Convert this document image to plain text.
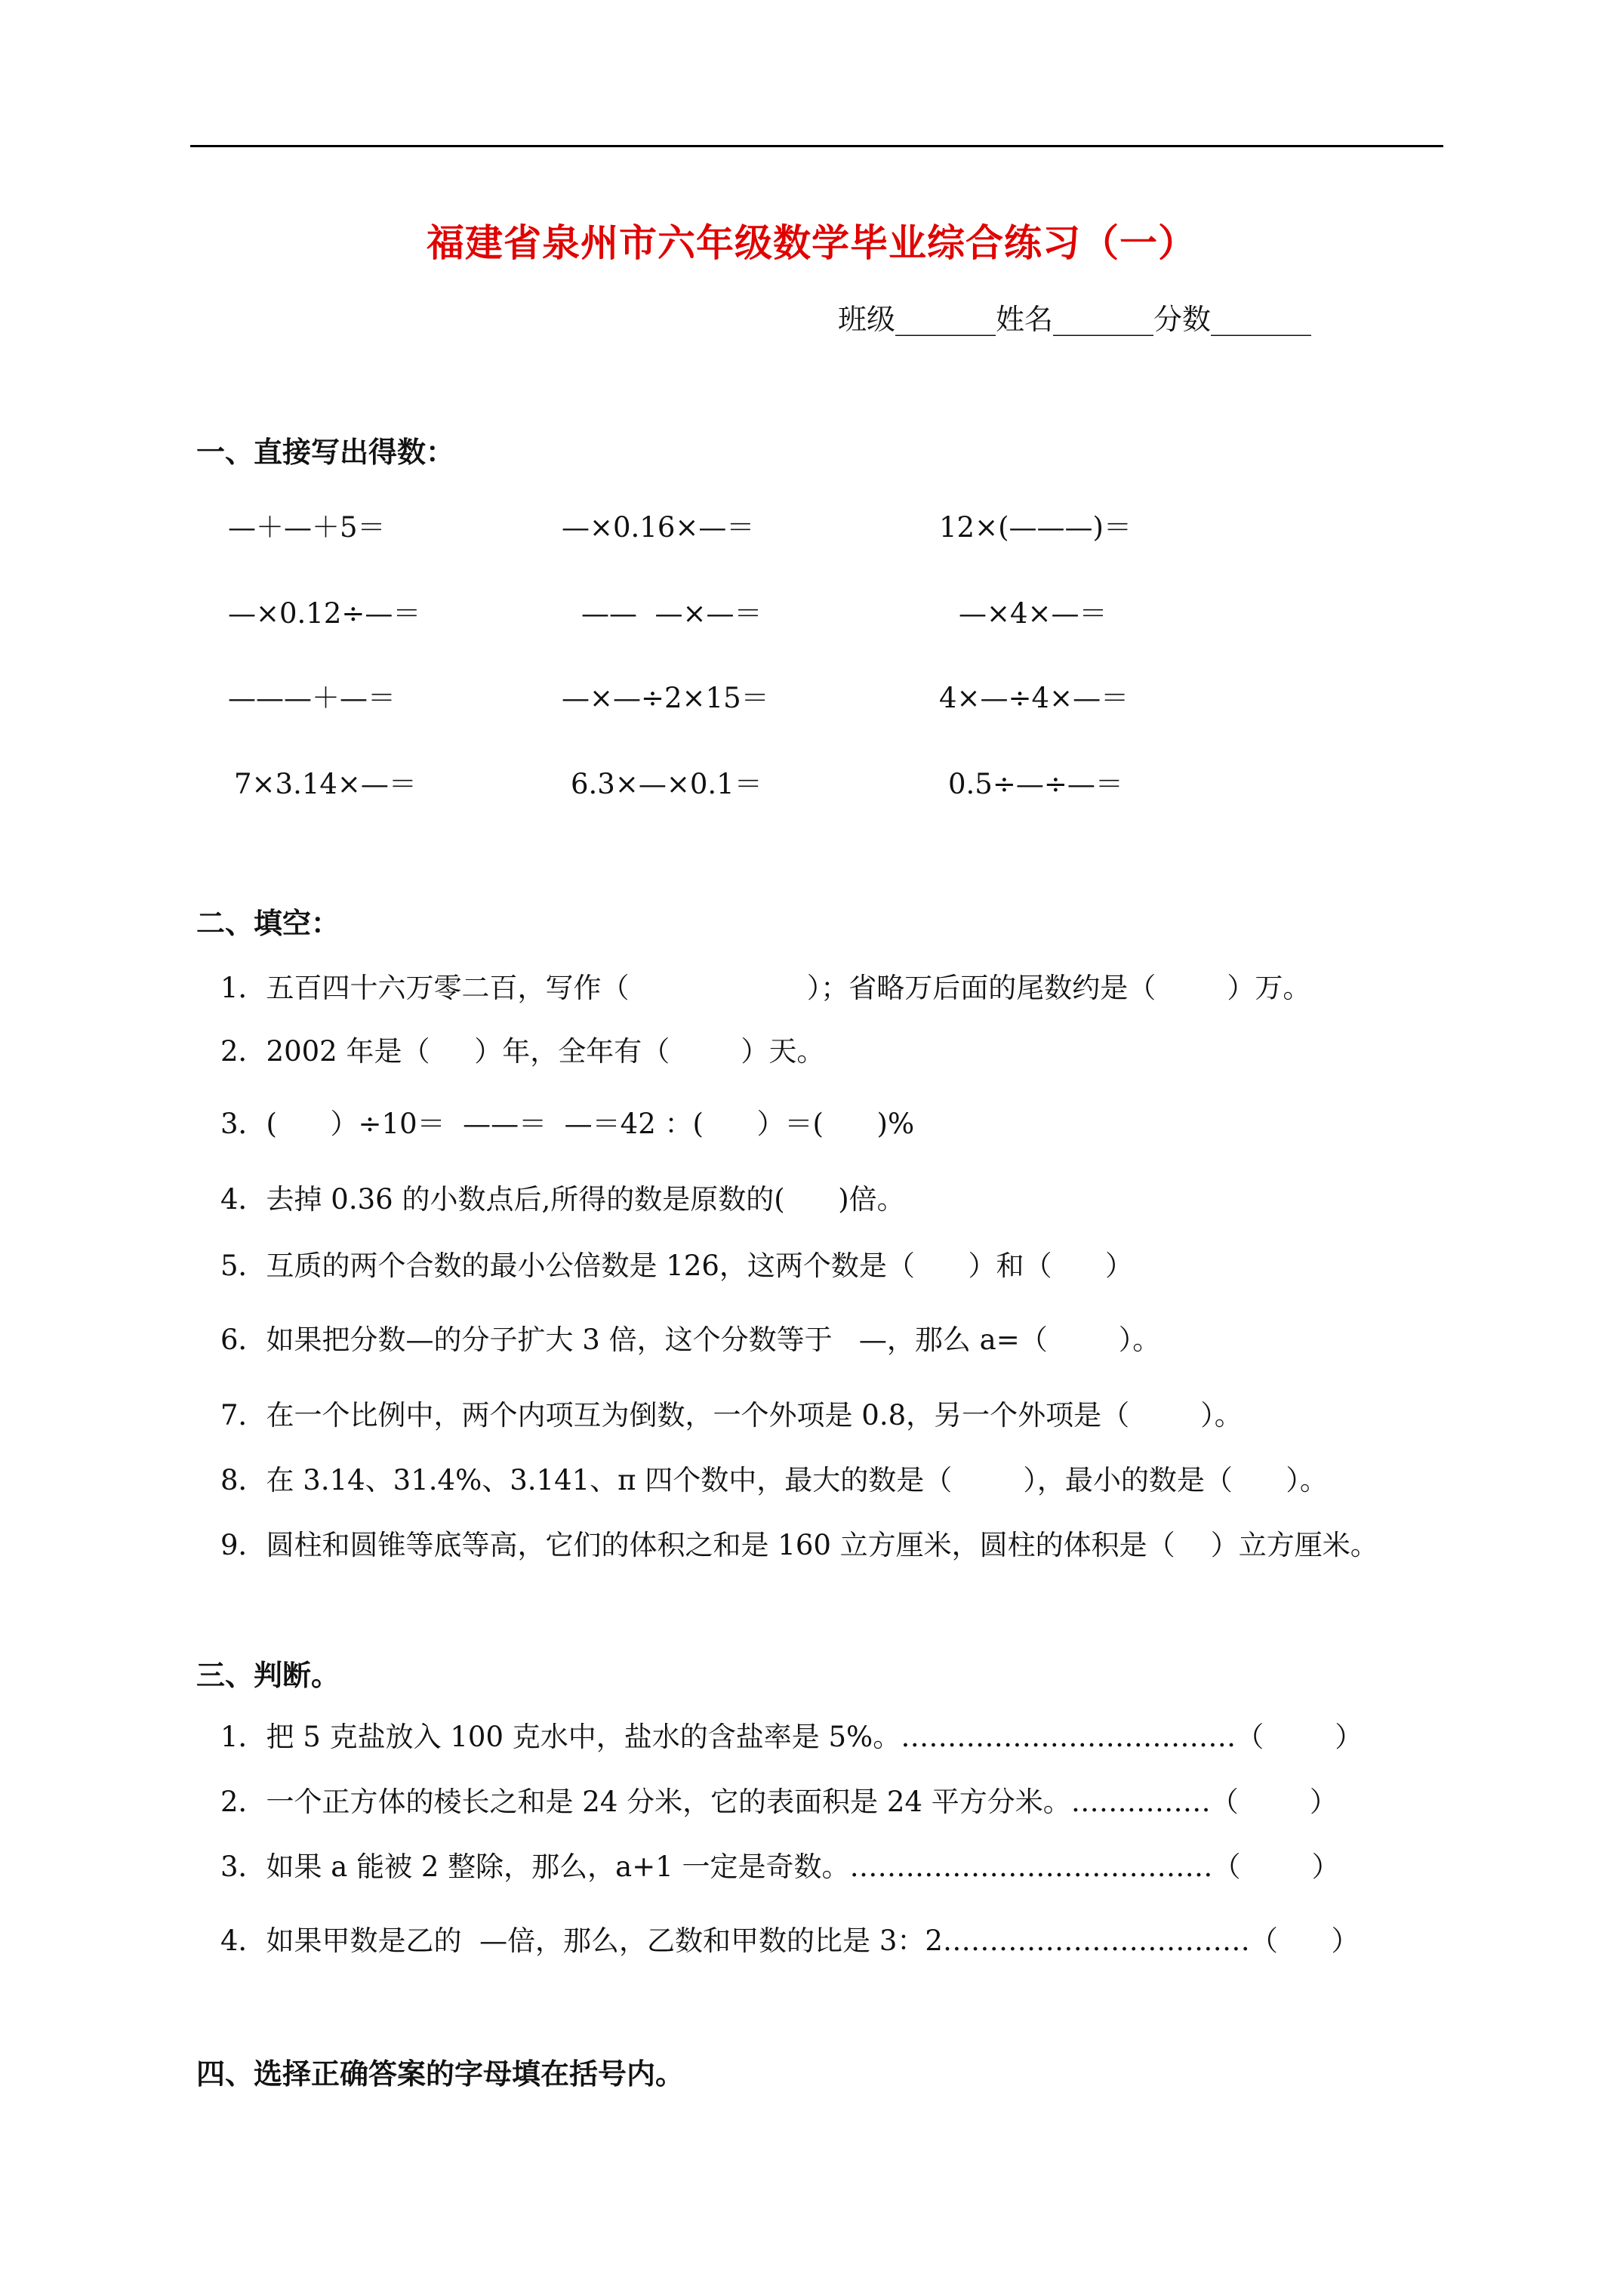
福建省泉州市六年级数学毕业综合练习（一）
班级_______姓名_______分数_______
一、直接写出得数：
—＋—＋5＝	—×0.16×—＝	12×(———)＝
—×0.12÷—＝	——  —×—＝	—×4×—＝
———＋—＝	—×—÷2×15＝	4×—÷4×—＝
7×3.14×—＝	6.3×—×0.1＝	0.5÷—÷—＝
二、填空：
1．五百四十六万零二百，写作（                    ）；省略万后面的尾数约是（        ）万。
2．2002 年是（     ）年，全年有（        ）天。
3．(      ）÷10＝  ——＝  —＝42 ：(      ）＝(      )%
4．去掉 0.36 的小数点后,所得的数是原数的(      )倍。
5．互质的两个合数的最小公倍数是 126，这两个数是（      ）和（      ）
6．如果把分数—的分子扩大 3 倍，这个分数等于   —，那么 a=（        ）。
7．在一个比例中，两个内项互为倒数，一个外项是 0.8，另一个外项是（        ）。
8．在 3.14、31.4%、3.141、π 四个数中，最大的数是（        ），最小的数是（      ）。
9．圆柱和圆锥等底等高，它们的体积之和是 160 立方厘米，圆柱的体积是（    ）立方厘米。
三、判断。
1．把 5 克盐放入 100 克水中，盐水的含盐率是 5%。………………………………（        ）
2．一个正方体的棱长之和是 24 分米，它的表面积是 24 平方分米。……………（        ）
3．如果 a 能被 2 整除，那么，a+1 一定是奇数。…………………………………（        ）
4．如果甲数是乙的  —倍，那么，乙数和甲数的比是 3：2……………………………（      ）
四、选择正确答案的字母填在括号内。
